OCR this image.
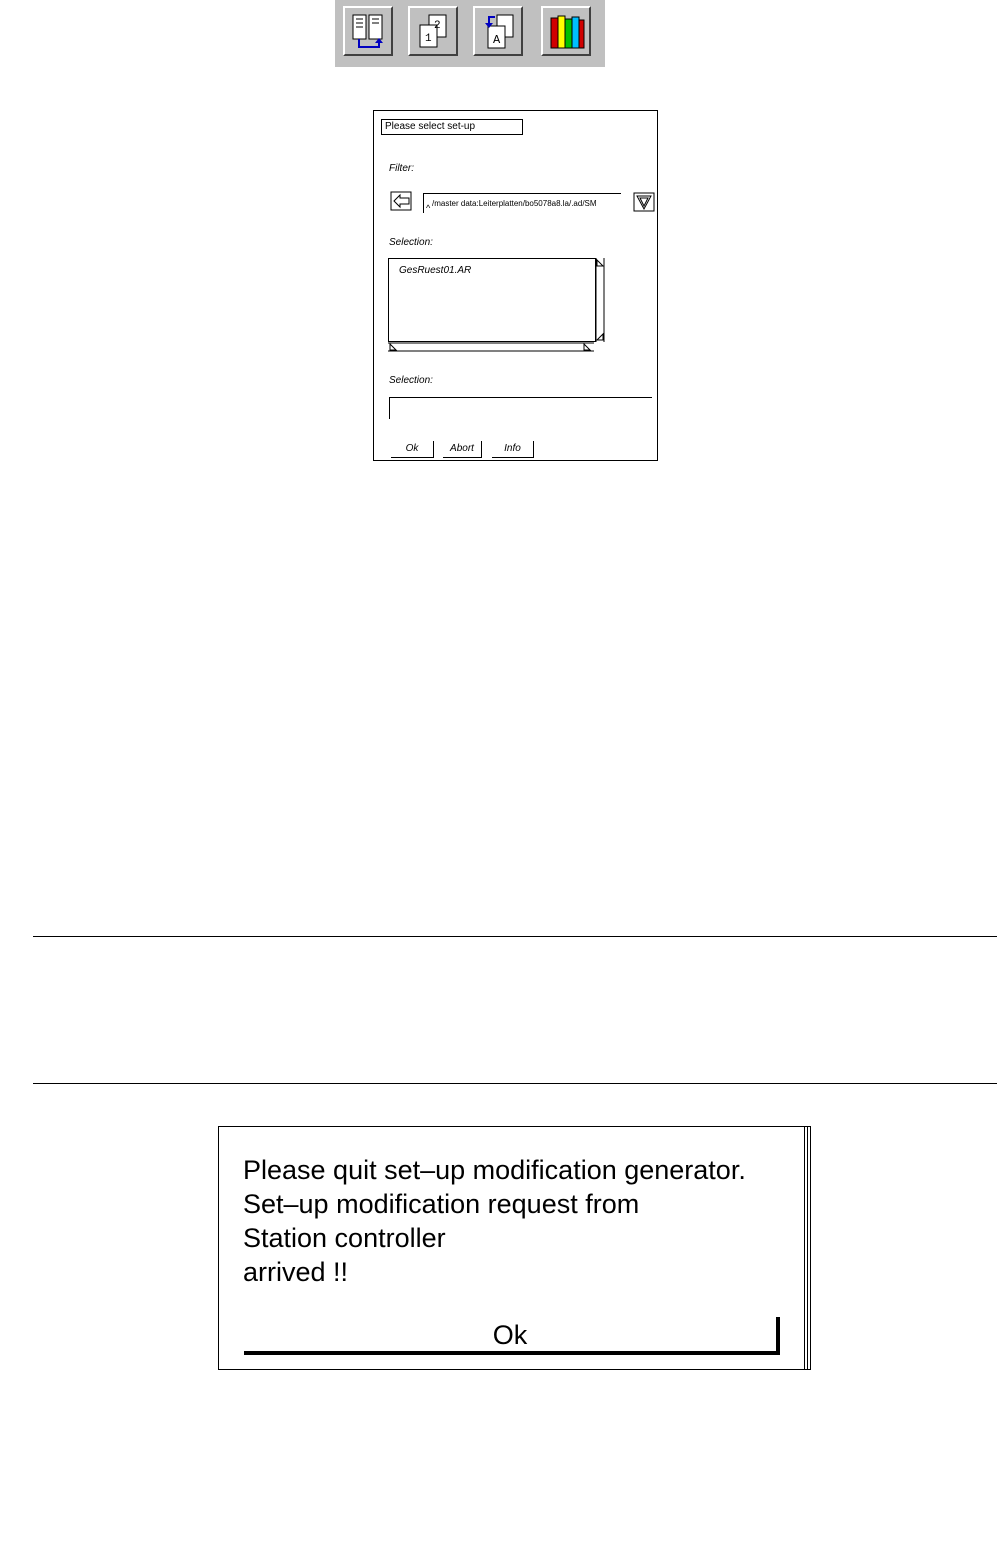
2
1	A
Please select set-up
Filter:
^ /master data:Leiterplatten/bo5078a8.la/.ad/SM
Selection:
GesRuest01.AR
Selection:
Ok	Abort	Info
Please quit set–up modification generator.
Set–up modification request from
Station controller
arrived !!
Ok
